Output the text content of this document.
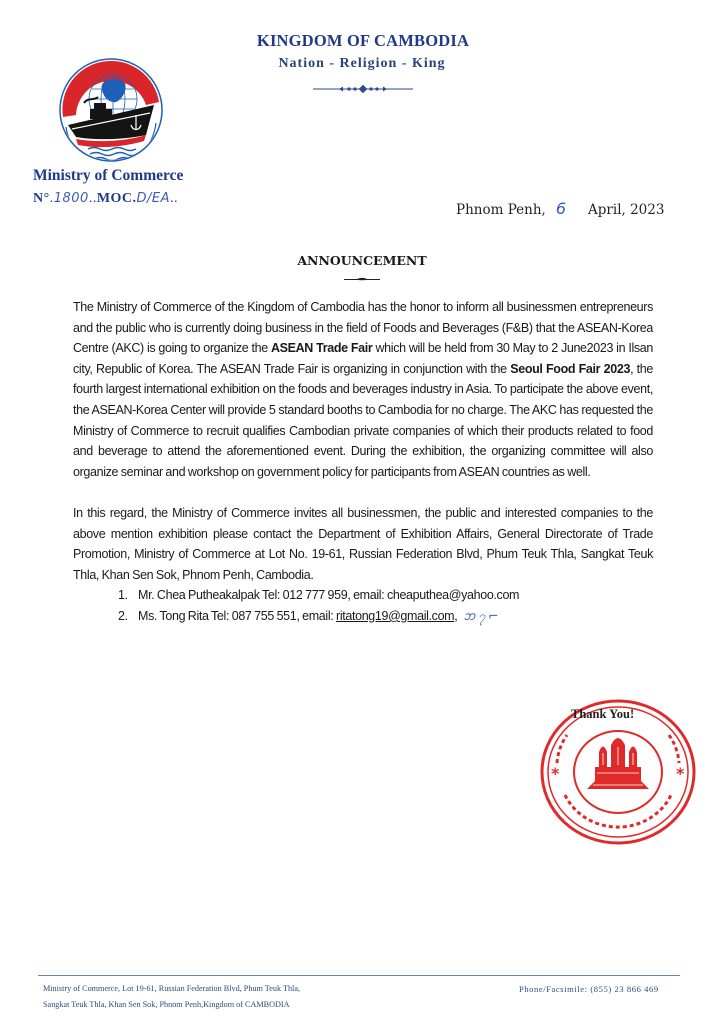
KINGDOM OF CAMBODIA
Nation - Religion - King
Ministry of Commerce
N°.1800..MOC.D/EA..
Phnom Penh, 6 April, 2023
ANNOUNCEMENT

The Ministry of Commerce of the Kingdom of Cambodia has the honor to inform all businessmen entrepreneurs and the public who is currently doing business in the field of Foods and Beverages (F&B) that the ASEAN-Korea Centre (AKC) is going to organize the ASEAN Trade Fair which will be held from 30 May to 2 June2023 in Ilsan city, Republic of Korea. The ASEAN Trade Fair is organizing in conjunction with the Seoul Food Fair 2023, the fourth largest international exhibition on the foods and beverages industry in Asia. To participate the above event, the ASEAN-Korea Center will provide 5 standard booths to Cambodia for no charge. The AKC has requested the Ministry of Commerce to recruit qualifies Cambodian private companies of which their products related to food and beverage to attend the aforementioned event. During the exhibition, the organizing committee will also organize seminar and workshop on government policy for participants from ASEAN countries as well.

In this regard, the Ministry of Commerce invites all businessmen, the public and interested companies to the above mention exhibition please contact the Department of Exhibition Affairs, General Directorate of Trade Promotion, Ministry of Commerce at Lot No. 19-61, Russian Federation Blvd, Phum Teuk Thla, Sangkat Teuk Thla, Khan Sen Sok, Phnom Penh, Cambodia.

1. Mr. Chea Putheakalpak Tel: 012 777 959, email: cheaputhea@yahoo.com
2. Ms. Tong Rita Tel: 087 755 551, email: ritatong19@gmail.com, ᨽ ၇ ⌐
*	*
Thank You!
Ministry of Commerce, Lot 19-61, Russian Federation Blvd, Phum Teuk Thla,
Sangkat Teuk Thla, Khan Sen Sok, Phnom Penh,Kingdom of CAMBODIA
Phone/Facsimile: (855) 23 866 469
